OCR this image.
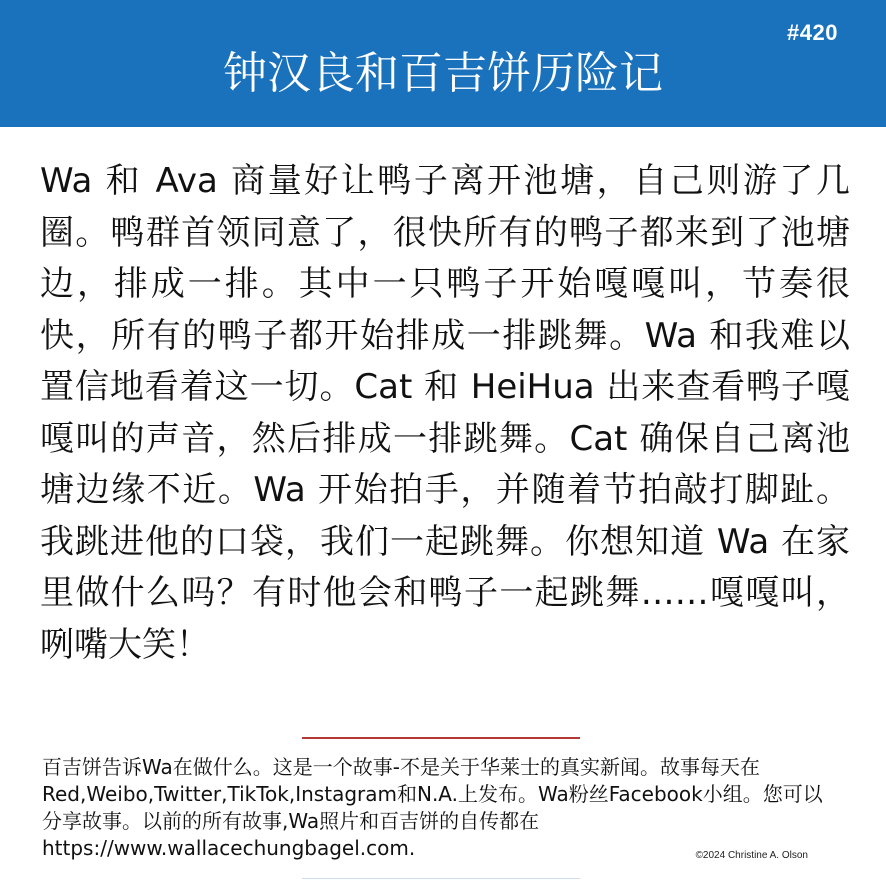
#420
钟汉良和百吉饼历险记

Wa 和 Ava 商量好让鸭子离开池塘，自己则游了几圈。鸭群首领同意了，很快所有的鸭子都来到了池塘边，排成一排。其中一只鸭子开始嘎嘎叫，节奏很快，所有的鸭子都开始排成一排跳舞。Wa 和我难以置信地看着这一切。Cat 和 HeiHua 出来查看鸭子嘎嘎叫的声音，然后排成一排跳舞。Cat 确保自己离池塘边缘不近。Wa 开始拍手，并随着节拍敲打脚趾。我跳进他的口袋，我们一起跳舞。你想知道 Wa 在家里做什么吗？有时他会和鸭子一起跳舞……嘎嘎叫，咧嘴大笑！

百吉饼告诉Wa在做什么。这是一个故事-不是关于华莱士的真实新闻。故事每天在Red,Weibo,Twitter,TikTok,Instagram和N.A.上发布。Wa粉丝Facebook小组。您可以分享故事。以前的所有故事,Wa照片和百吉饼的自传都在
https://www.wallacechungbagel.com.	©2024 Christine A. Olson
